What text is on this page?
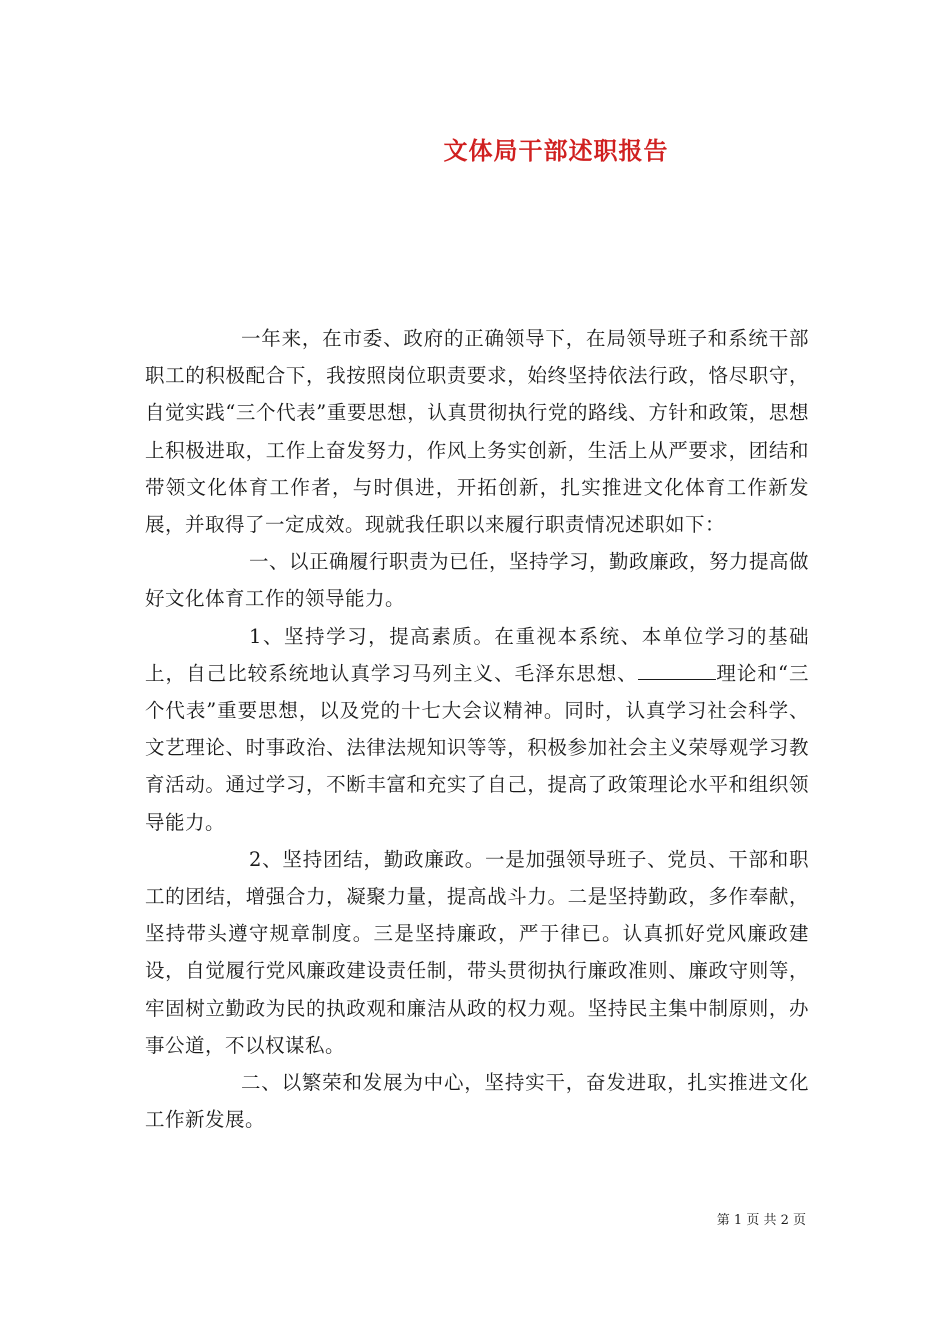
文体局干部述职报告

一年来，在市委、政府的正确领导下，在局领导班子和系统干部职工的积极配合下，我按照岗位职责要求，始终坚持依法行政，恪尽职守，自觉实践“三个代表”重要思想，认真贯彻执行党的路线、方针和政策，思想上积极进取，工作上奋发努力，作风上务实创新，生活上从严要求，团结和带领文化体育工作者，与时俱进，开拓创新，扎实推进文化体育工作新发展，并取得了一定成效。现就我任职以来履行职责情况述职如下：

一、以正确履行职责为已任，坚持学习，勤政廉政，努力提高做好文化体育工作的领导能力。

1、坚持学习，提高素质。在重视本系统、本单位学习的基础上，自己比较系统地认真学习马列主义、毛泽东思想、	理论和“三个代表”重要思想，以及党的十七大会议精神。同时，认真学习社会科学、文艺理论、时事政治、法律法规知识等等，积极参加社会主义荣辱观学习教育活动。通过学习，不断丰富和充实了自己，提高了政策理论水平和组织领导能力。

2、坚持团结，勤政廉政。一是加强领导班子、党员、干部和职工的团结，增强合力，凝聚力量，提高战斗力。二是坚持勤政，多作奉献，坚持带头遵守规章制度。三是坚持廉政，严于律已。认真抓好党风廉政建设，自觉履行党风廉政建设责任制，带头贯彻执行廉政准则、廉政守则等，牢固树立勤政为民的执政观和廉洁从政的权力观。坚持民主集中制原则，办事公道，不以权谋私。

二、以繁荣和发展为中心，坚持实干，奋发进取，扎实推进文化工作新发展。

第 1 页 共 2 页
